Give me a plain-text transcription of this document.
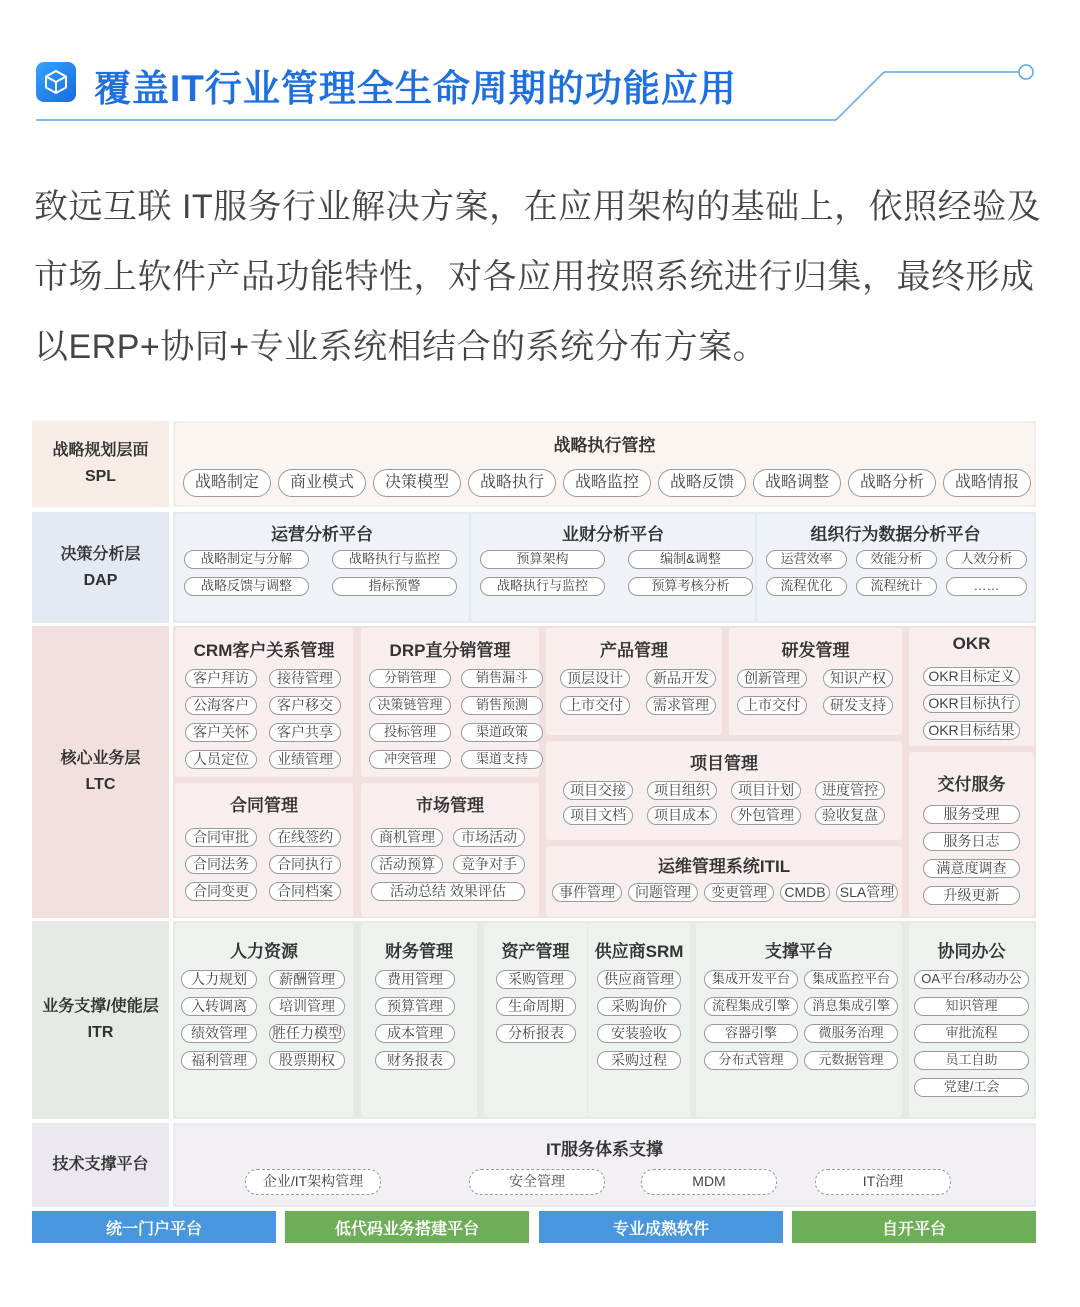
覆盖IT行业管理全生命周期的功能应用
致远互联 IT服务行业解决方案，在应用架构的基础上，依照经验及市场上软件产品功能特性，对各应用按照系统进行归集，最终形成以ERP+协同+专业系统相结合的系统分布方案。
战略规划层面
SPL
决策分析层
DAP
核心业务层
LTC
业务支撑/使能层
ITR
技术支撑平台
战略执行管控
战略制定	商业模式	决策模型	战略执行	战略监控	战略反馈	战略调整	战略分析	战略情报
运营分析平台
战略制定与分解	战略执行与监控
战略反馈与调整	指标预警
业财分析平台
预算架构	编制&调整
战略执行与监控	预算考核分析
组织行为数据分析平台
运营效率	效能分析	人效分析
流程优化	流程统计	……
CRM客户关系管理
客户拜访	接待管理
公海客户	客户移交
客户关怀	客户共享
人员定位	业绩管理
DRP直分销管理
分销管理	销售漏斗
决策链管理	销售预测
投标管理	渠道政策
冲突管理	渠道支持
产品管理
顶层设计	新品开发
上市交付	需求管理
研发管理
创新管理	知识产权
上市交付	研发支持
OKR
OKR目标定义
OKR目标执行
OKR目标结果
项目管理
项目交接	项目组织	项目计划	进度管控
项目文档	项目成本	外包管理	验收复盘
合同管理
合同审批	在线签约
合同法务	合同执行
合同变更	合同档案
市场管理
商机管理	市场活动
活动预算	竞争对手
活动总结 效果评估
运维管理系统ITIL
事件管理	问题管理	变更管理	CMDB	SLA管理
交付服务
服务受理
服务日志
满意度调查
升级更新
人力资源
人力规划	薪酬管理
入转调离	培训管理
绩效管理	胜任力模型
福利管理	股票期权
财务管理
费用管理
预算管理
成本管理
财务报表
资产管理
采购管理
生命周期
分析报表
供应商SRM
供应商管理
采购询价
安装验收
采购过程
支撑平台
集成开发平台	集成监控平台
流程集成引擎	消息集成引擎
容器引擎	微服务治理
分布式管理	元数据管理
协同办公
OA平台/移动办公
知识管理
审批流程
员工自助
党建/工会
IT服务体系支撑
企业/IT架构管理	安全管理	MDM	IT治理
统一门户平台	低代码业务搭建平台	专业成熟软件	自开平台
